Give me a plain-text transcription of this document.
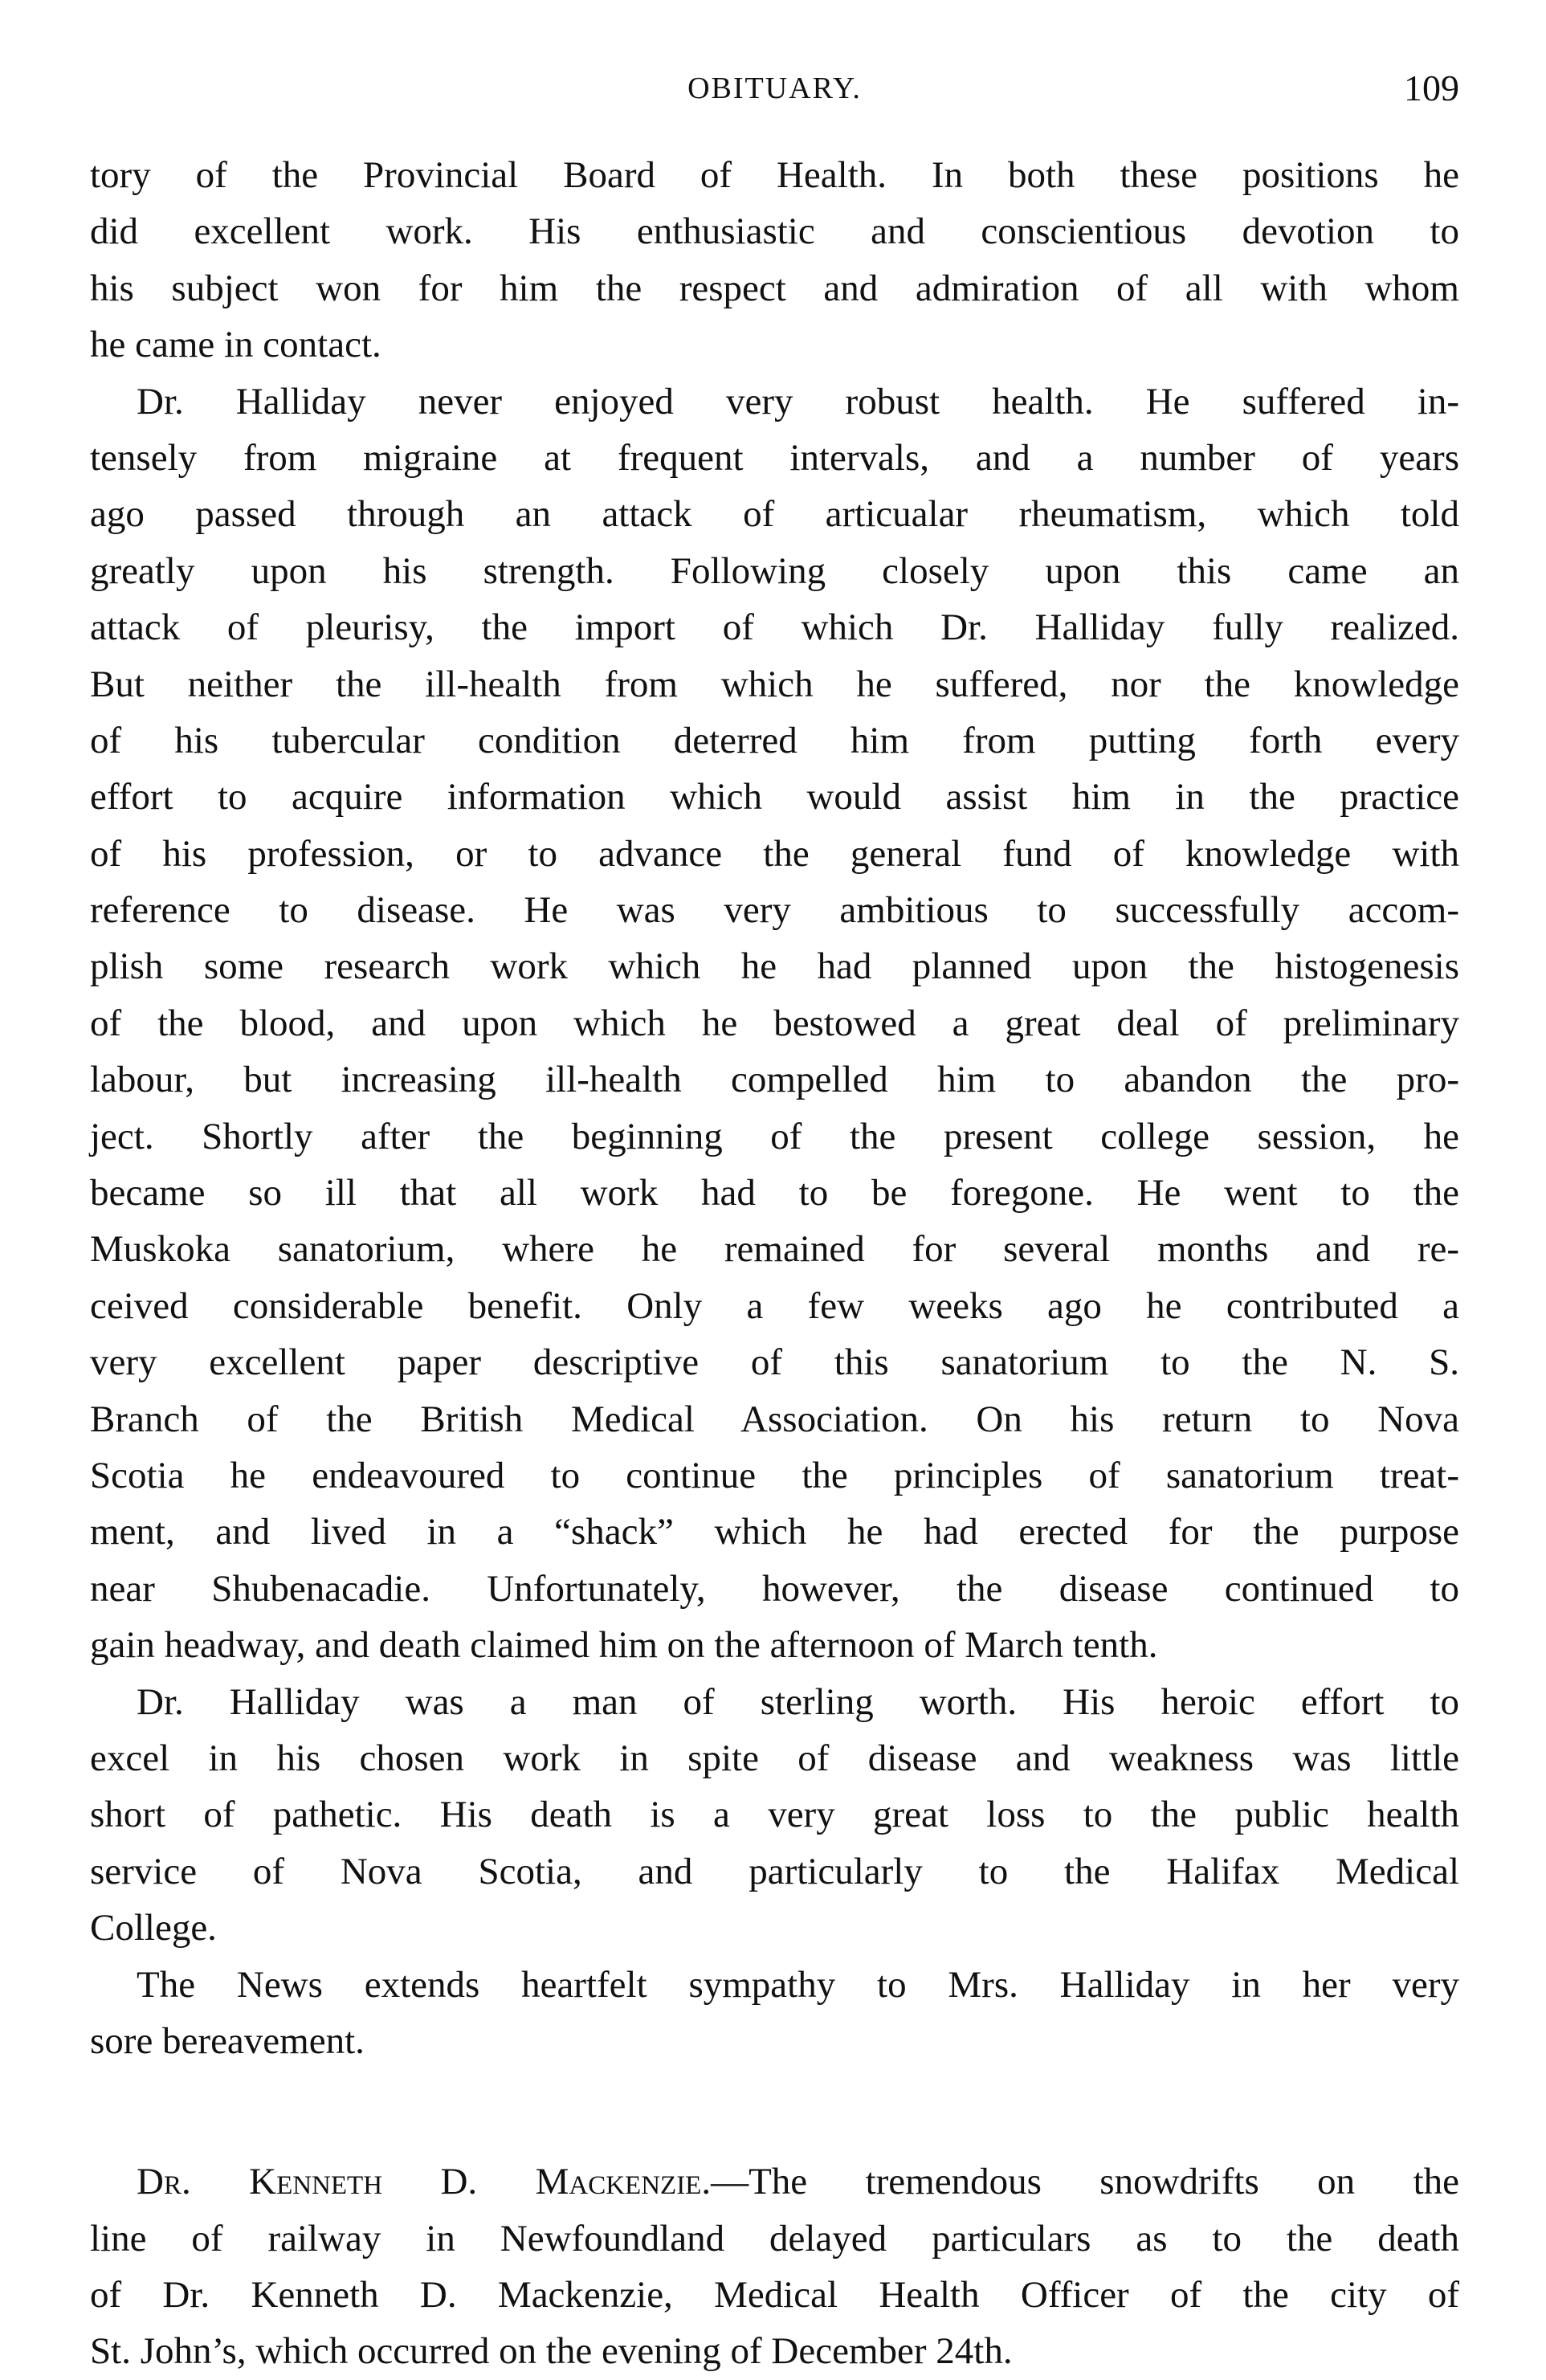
OBITUARY.	109
tory of the Provincial Board of Health. In both these positions he
did excellent work. His enthusiastic and conscientious devotion to
his subject won for him the respect and admiration of all with whom
he came in contact.
Dr. Halliday never enjoyed very robust health. He suffered in-
tensely from migraine at frequent intervals, and a number of years
ago passed through an attack of articualar rheumatism, which told
greatly upon his strength. Following closely upon this came an
attack of pleurisy, the import of which Dr. Halliday fully realized.
But neither the ill-health from which he suffered, nor the knowledge
of his tubercular condition deterred him from putting forth every
effort to acquire information which would assist him in the practice
of his profession, or to advance the general fund of knowledge with
reference to disease. He was very ambitious to successfully accom-
plish some research work which he had planned upon the histogenesis
of the blood, and upon which he bestowed a great deal of preliminary
labour, but increasing ill-health compelled him to abandon the pro-
ject. Shortly after the beginning of the present college session, he
became so ill that all work had to be foregone. He went to the
Muskoka sanatorium, where he remained for several months and re-
ceived considerable benefit. Only a few weeks ago he contributed a
very excellent paper descriptive of this sanatorium to the N. S.
Branch of the British Medical Association. On his return to Nova
Scotia he endeavoured to continue the principles of sanatorium treat-
ment, and lived in a “shack” which he had erected for the purpose
near Shubenacadie. Unfortunately, however, the disease continued to
gain headway, and death claimed him on the afternoon of March tenth.
Dr. Halliday was a man of sterling worth. His heroic effort to
excel in his chosen work in spite of disease and weakness was little
short of pathetic. His death is a very great loss to the public health
service of Nova Scotia, and particularly to the Halifax Medical
College.
The News extends heartfelt sympathy to Mrs. Halliday in her very
sore bereavement.
Dr. Kenneth D. Mackenzie.—The tremendous snowdrifts on the
line of railway in Newfoundland delayed particulars as to the death
of Dr. Kenneth D. Mackenzie, Medical Health Officer of the city of
St. John’s, which occurred on the evening of December 24th.
